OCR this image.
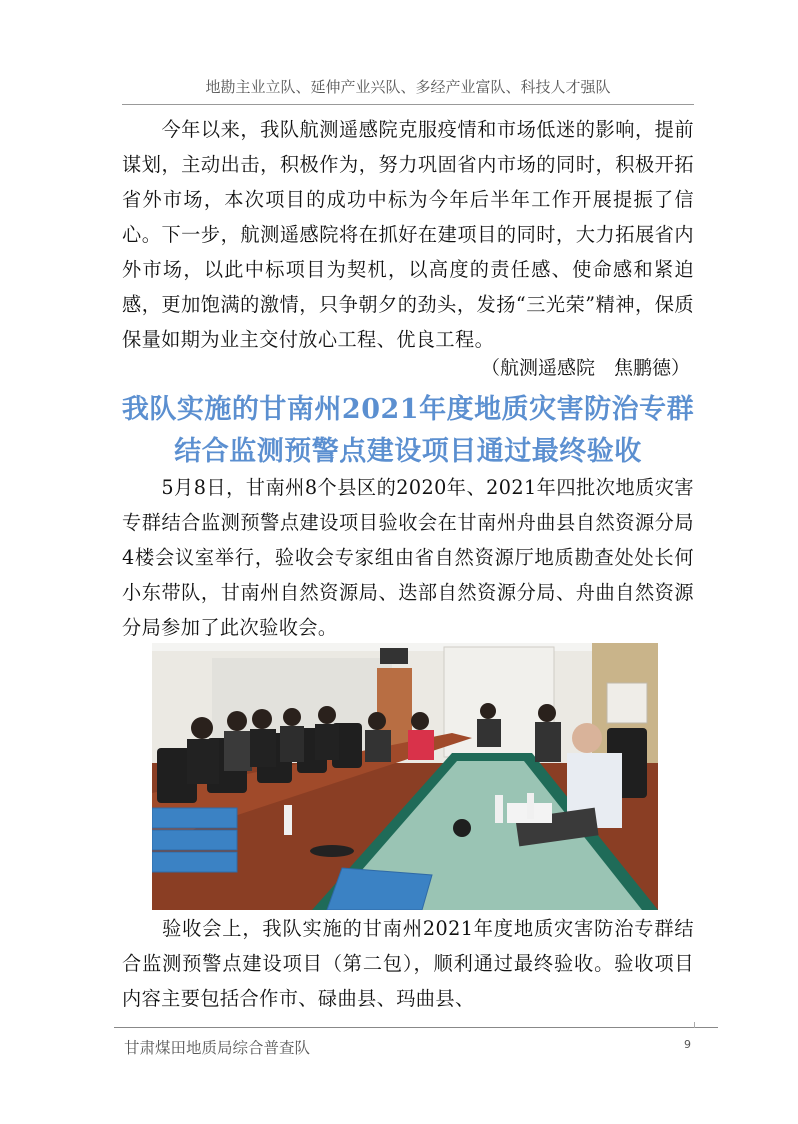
地勘主业立队、延伸产业兴队、多经产业富队、科技人才强队

　　今年以来，我队航测遥感院克服疫情和市场低迷的影响，提前谋划，主动出击，积极作为，努力巩固省内市场的同时，积极开拓省外市场，本次项目的成功中标为今年后半年工作开展提振了信心。下一步，航测遥感院将在抓好在建项目的同时，大力拓展省内外市场，以此中标项目为契机，以高度的责任感、使命感和紧迫感，更加饱满的激情，只争朝夕的劲头，发扬“三光荣”精神，保质保量如期为业主交付放心工程、优良工程。

（航测遥感院　焦鹏德）

我队实施的甘南州2021年度地质灾害防治专群
结合监测预警点建设项目通过最终验收

　　5月8日，甘南州8个县区的2020年、2021年四批次地质灾害专群结合监测预警点建设项目验收会在甘南州舟曲县自然资源分局4楼会议室举行，验收会专家组由省自然资源厅地质勘查处处长何小东带队，甘南州自然资源局、迭部自然资源分局、舟曲自然资源分局参加了此次验收会。

　　验收会上，我队实施的甘南州2021年度地质灾害防治专群结合监测预警点建设项目（第二包），顺利通过最终验收。验收项目内容主要包括合作市、碌曲县、玛曲县、

甘肃煤田地质局综合普查队	9
